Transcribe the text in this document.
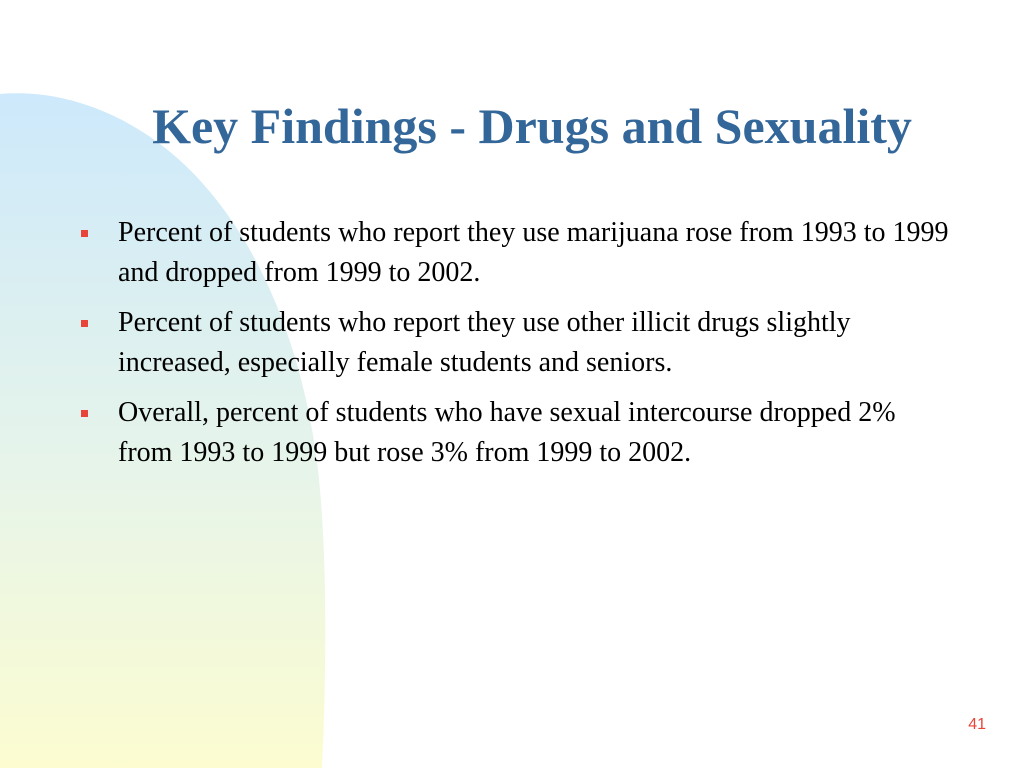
Key Findings - Drugs and Sexuality
Percent of students who report they use marijuana rose from 1993 to 1999 and dropped from 1999 to 2002.
Percent of students who report they use other illicit drugs slightly increased, especially female students and seniors.
Overall, percent of students who have sexual intercourse dropped 2% from 1993 to 1999 but rose 3% from 1999 to 2002.
41
